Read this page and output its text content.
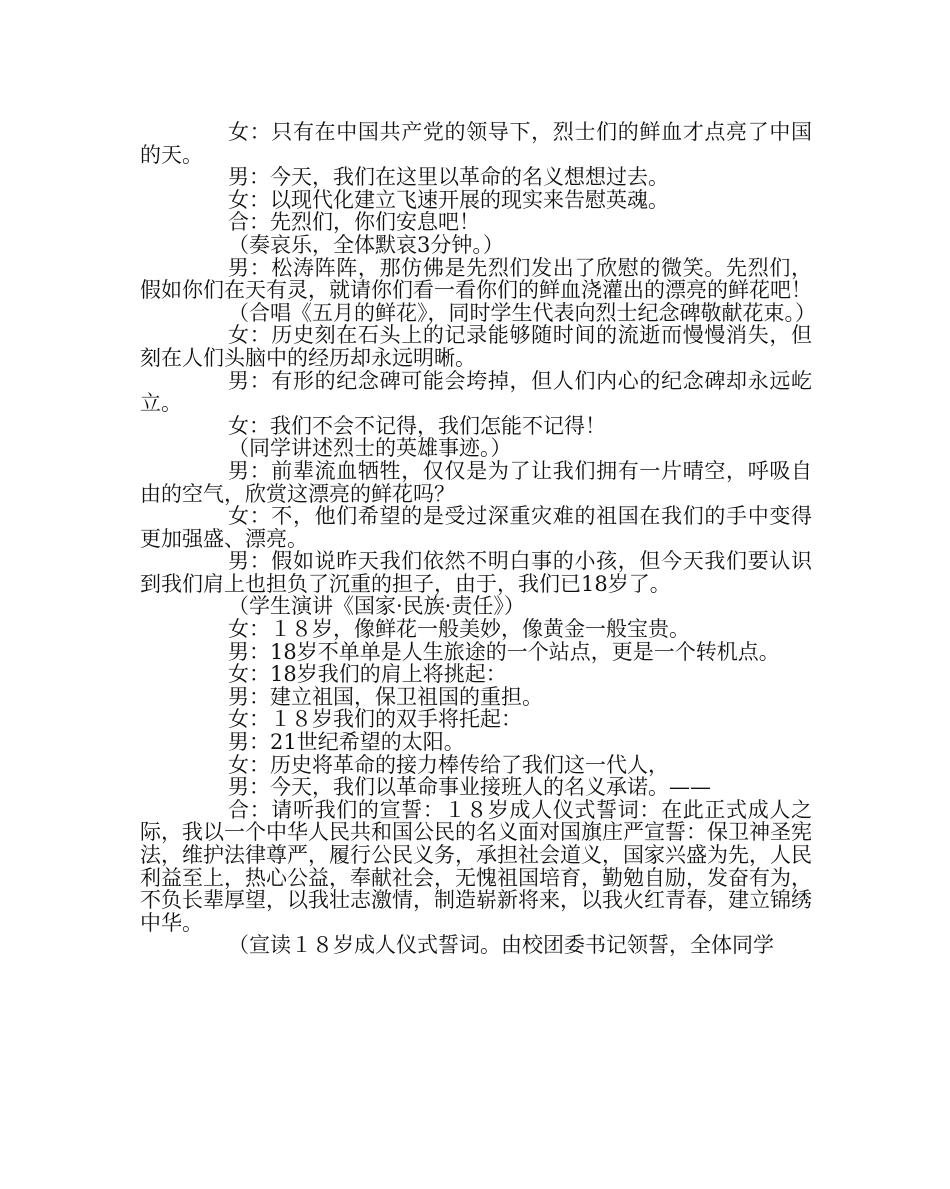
女：只有在中国共产党的领导下，烈士们的鲜血才点亮了中国的天。

男：今天，我们在这里以革命的名义想想过去。

女：以现代化建立飞速开展的现实来告慰英魂。

合：先烈们，你们安息吧！

（奏哀乐，全体默哀3分钟。）

男：松涛阵阵，那仿佛是先烈们发出了欣慰的微笑。先烈们，假如你们在天有灵，就请你们看一看你们的鲜血浇灌出的漂亮的鲜花吧！

（合唱《五月的鲜花》，同时学生代表向烈士纪念碑敬献花束。）

女：历史刻在石头上的记录能够随时间的流逝而慢慢消失，但刻在人们头脑中的经历却永远明晰。

男：有形的纪念碑可能会垮掉，但人们内心的纪念碑却永远屹立。

女：我们不会不记得，我们怎能不记得！

（同学讲述烈士的英雄事迹。）

男：前辈流血牺牲，仅仅是为了让我们拥有一片晴空，呼吸自由的空气，欣赏这漂亮的鲜花吗？

女：不，他们希望的是受过深重灾难的祖国在我们的手中变得更加强盛、漂亮。

男：假如说昨天我们依然不明白事的小孩，但今天我们要认识到我们肩上也担负了沉重的担子，由于，我们已18岁了。

（学生演讲《国家·民族·责任》）

女：１８岁，像鲜花一般美妙，像黄金一般宝贵。

男：18岁不单单是人生旅途的一个站点，更是一个转机点。

女：18岁我们的肩上将挑起：

男：建立祖国，保卫祖国的重担。

女：１８岁我们的双手将托起：

男：21世纪希望的太阳。

女：历史将革命的接力棒传给了我们这一代人，

男：今天，我们以革命事业接班人的名义承诺。——

合：请听我们的宣誓：１８岁成人仪式誓词：在此正式成人之际，我以一个中华人民共和国公民的名义面对国旗庄严宣誓：保卫神圣宪法，维护法律尊严，履行公民义务，承担社会道义，国家兴盛为先，人民利益至上，热心公益，奉献社会，无愧祖国培育，勤勉自励，发奋有为，不负长辈厚望，以我壮志激情，制造崭新将来，以我火红青春，建立锦绣中华。

（宣读１８岁成人仪式誓词。由校团委书记领誓，全体同学
